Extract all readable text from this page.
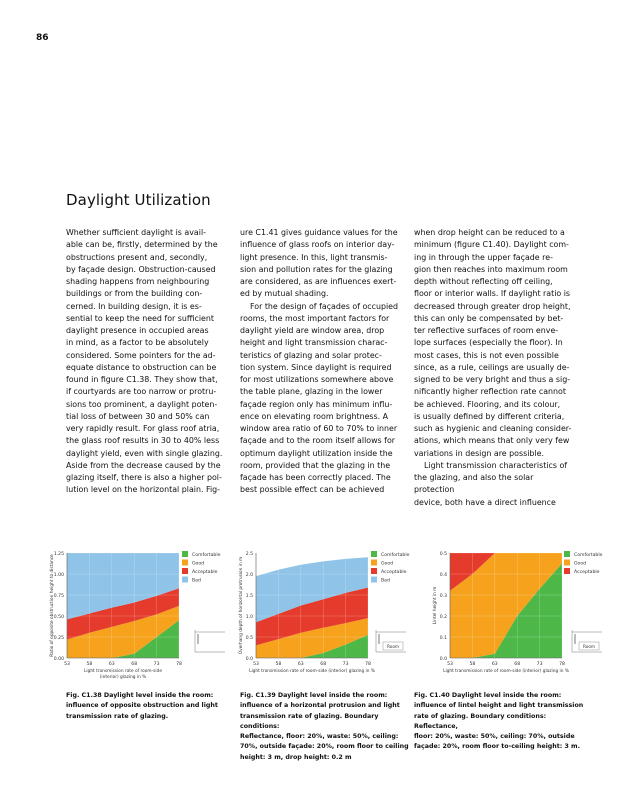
86
Daylight Utilization

Whether sufficient daylight is avail-

able can be, firstly, determined by the

obstructions present and, secondly,

by façade design. Obstruction-caused

shading happens from neighbouring

buildings or from the building con-

cerned. In building design, it is es-

sential to keep the need for sufficient

daylight presence in occupied areas

in mind, as a factor to be absolutely

considered. Some pointers for the ad-

equate distance to obstruction can be

found in figure C1.38. They show that,

if courtyards are too narrow or protru-

sions too prominent, a daylight poten-

tial loss of between 30 and 50% can

very rapidly result. For glass roof atria,

the glass roof results in 30 to 40% less

daylight yield, even with single glazing.

Aside from the decrease caused by the

glazing itself, there is also a higher pol-

lution level on the horizontal plain. Fig-

ure C1.41 gives guidance values for the

influence of glass roofs on interior day-

light presence. In this, light transmis-

sion and pollution rates for the glazing

are considered, as are influences exert-

ed by mutual shading.

For the design of façades of occupied

rooms, the most important factors for

daylight yield are window area, drop

height and light transmission charac-

teristics of glazing and solar protec-

tion system. Since daylight is required

for most utilizations somewhere above

the table plane, glazing in the lower

façade region only has minimum influ-

ence on elevating room brightness. A

window area ratio of 60 to 70% to inner

façade and to the room itself allows for

optimum daylight utilization inside the

room, provided that the glazing in the

façade has been correctly placed. The

best possible effect can be achieved

when drop height can be reduced to a

minimum (figure C1.40). Daylight com-

ing in through the upper façade re-

gion then reaches into maximum room

depth without reflecting off ceiling,

floor or interior walls. If daylight ratio is

decreased through greater drop height,

this can only be compensated by bet-

ter reflective surfaces of room enve-

lope surfaces (especially the floor). In

most cases, this is not even possible

since, as a rule, ceilings are usually de-

signed to be very bright and thus a sig-

nificantly higher reflection rate cannot

be achieved. Flooring, and its colour,

is usually defined by different criteria,

such as hygienic and cleaning consider-

ations, which means that only very few

variations in design are possible.

Light transmission characteristics of

the glazing, and also the solar protection

device, both have a direct influence

0.00
0.25
0.50
0.75
1.00
1.25
53	58	63	68	73	78
Ratio of opposite obstruction height to distance
Light transmission rate of room-side
(interior) glazing in %
Comfortable
Good
Acceptable
Bad
0.0
0.5
1.0
1.5
2.0
2.5
53	58	63	68	73	78
Overhang depth of horizontal protrusion in m
Light transmission rate of room-side (interior) glazing in %
Comfortable
Good
Acceptable
Bad
Room
0.0
0.1
0.2
0.3
0.4
0.5
53	58	63	68	73	78
Lintel height in m
Light transmission rate of room-side (interior) glazing in %
Comfortable
Good
Acceptable
Room
Fig. C1.38 Daylight level inside the room:
influence of opposite obstruction and light
transmission rate of glazing.
Fig. C1.39 Daylight level inside the room:
influence of a horizontal protrusion and light
transmission rate of glazing. Boundary conditions:
Reflectance, floor: 20%, waste: 50%, ceiling:
70%, outside façade: 20%, room floor to ceiling
height: 3 m, drop height: 0.2 m
Fig. C1.40 Daylight level inside the room:
influence of lintel height and light transmission
rate of glazing. Boundary conditions: Reflectance,
floor: 20%, waste: 50%, ceiling: 70%, outside
façade: 20%, room floor to-ceiling height: 3 m.
